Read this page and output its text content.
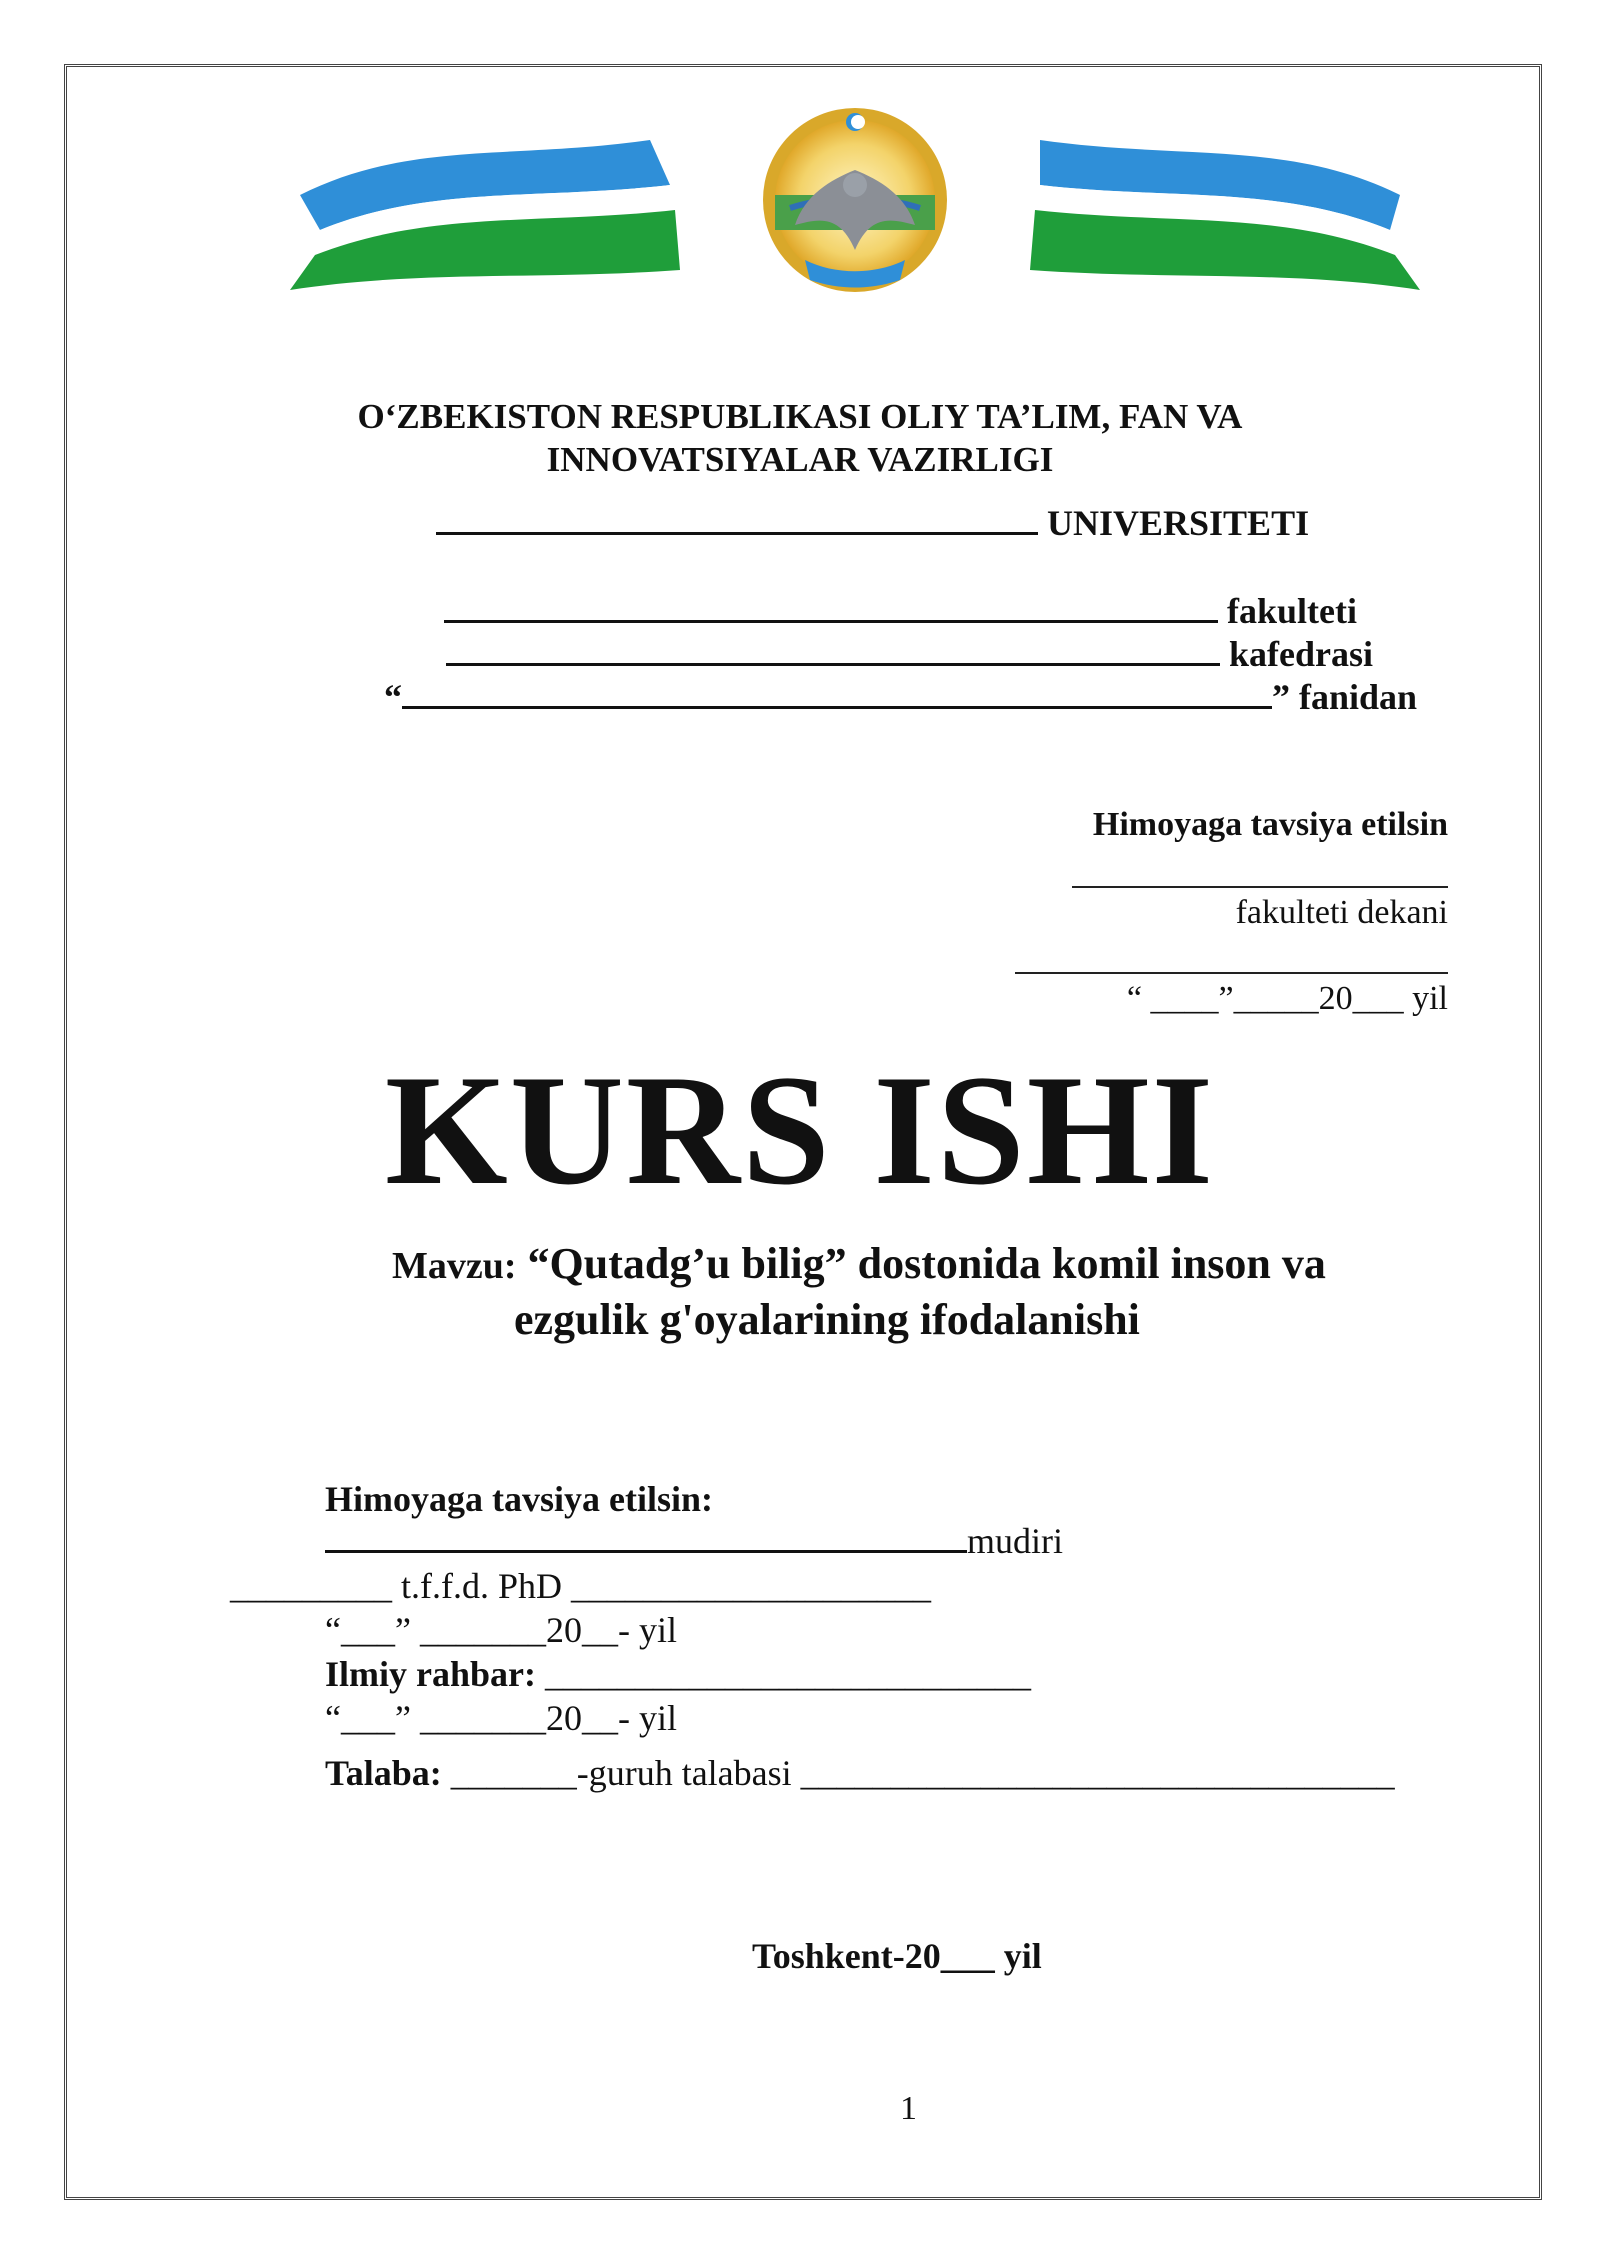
O‘ZBEKISTON RESPUBLIKASI OLIY TA’LIM, FAN VA
INNOVATSIYALAR VAZIRLIGI
UNIVERSITETI
fakulteti
kafedrasi
“	” fanidan
Himoyaga tavsiya etilsin
fakulteti dekani
“ ____”_____20___ yil
KURS ISHI
Mavzu: “Qutadg’u bilig” dostonida komil inson va
ezgulik g'oyalarining ifodalanishi
Himoyaga tavsiya etilsin:
mudiri
_________ t.f.f.d. PhD ____________________
“___” _______20__- yil
Ilmiy rahbar: ___________________________
“___” _______20__- yil
Talaba: _______-guruh talabasi _________________________________
Toshkent-20___ yil
1
